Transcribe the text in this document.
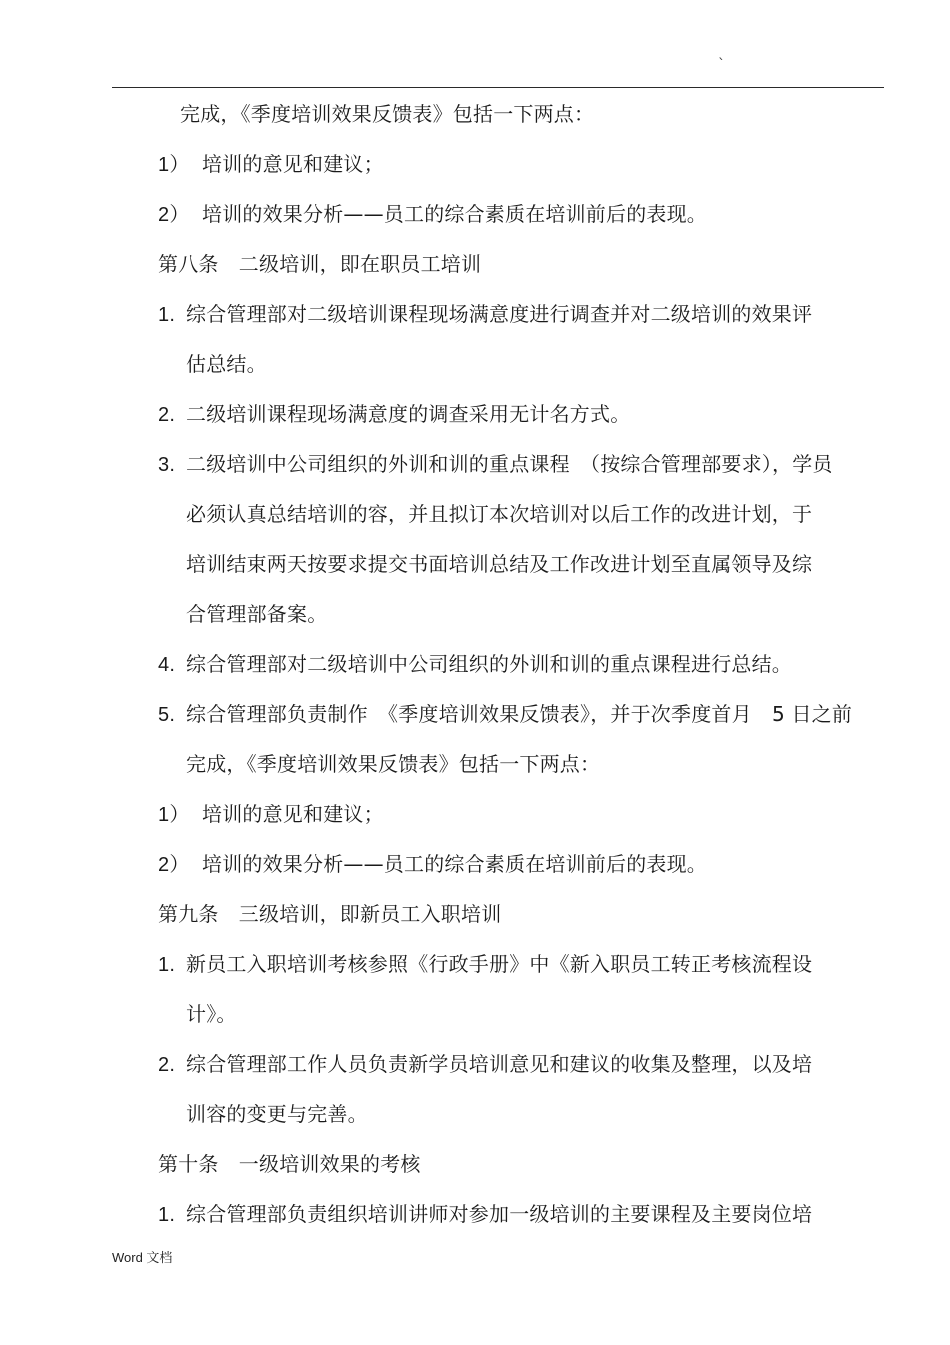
`
完成，《季度培训效果反馈表》包括一下两点：
1） 培训的意见和建议；
2） 培训的效果分析——员工的综合素质在培训前后的表现。
第八条　二级培训，即在职员工培训
1. 综合管理部对二级培训课程现场满意度进行调查并对二级培训的效果评
估总结。
2. 二级培训课程现场满意度的调查采用无计名方式。
3. 二级培训中公司组织的外训和训的重点课程　（按综合管理部要求），学员
必须认真总结培训的容，并且拟订本次培训对以后工作的改进计划，于
培训结束两天按要求提交书面培训总结及工作改进计划至直属领导及综
合管理部备案。
4. 综合管理部对二级培训中公司组织的外训和训的重点课程进行总结。
5. 综合管理部负责制作　《季度培训效果反馈表》，并于次季度首月　5 日之前
完成，《季度培训效果反馈表》包括一下两点：
1） 培训的意见和建议；
2） 培训的效果分析——员工的综合素质在培训前后的表现。
第九条　三级培训，即新员工入职培训
1. 新员工入职培训考核参照《行政手册》中《新入职员工转正考核流程设
计》。
2. 综合管理部工作人员负责新学员培训意见和建议的收集及整理，以及培
训容的变更与完善。
第十条　一级培训效果的考核
1. 综合管理部负责组织培训讲师对参加一级培训的主要课程及主要岗位培
Word 文档
